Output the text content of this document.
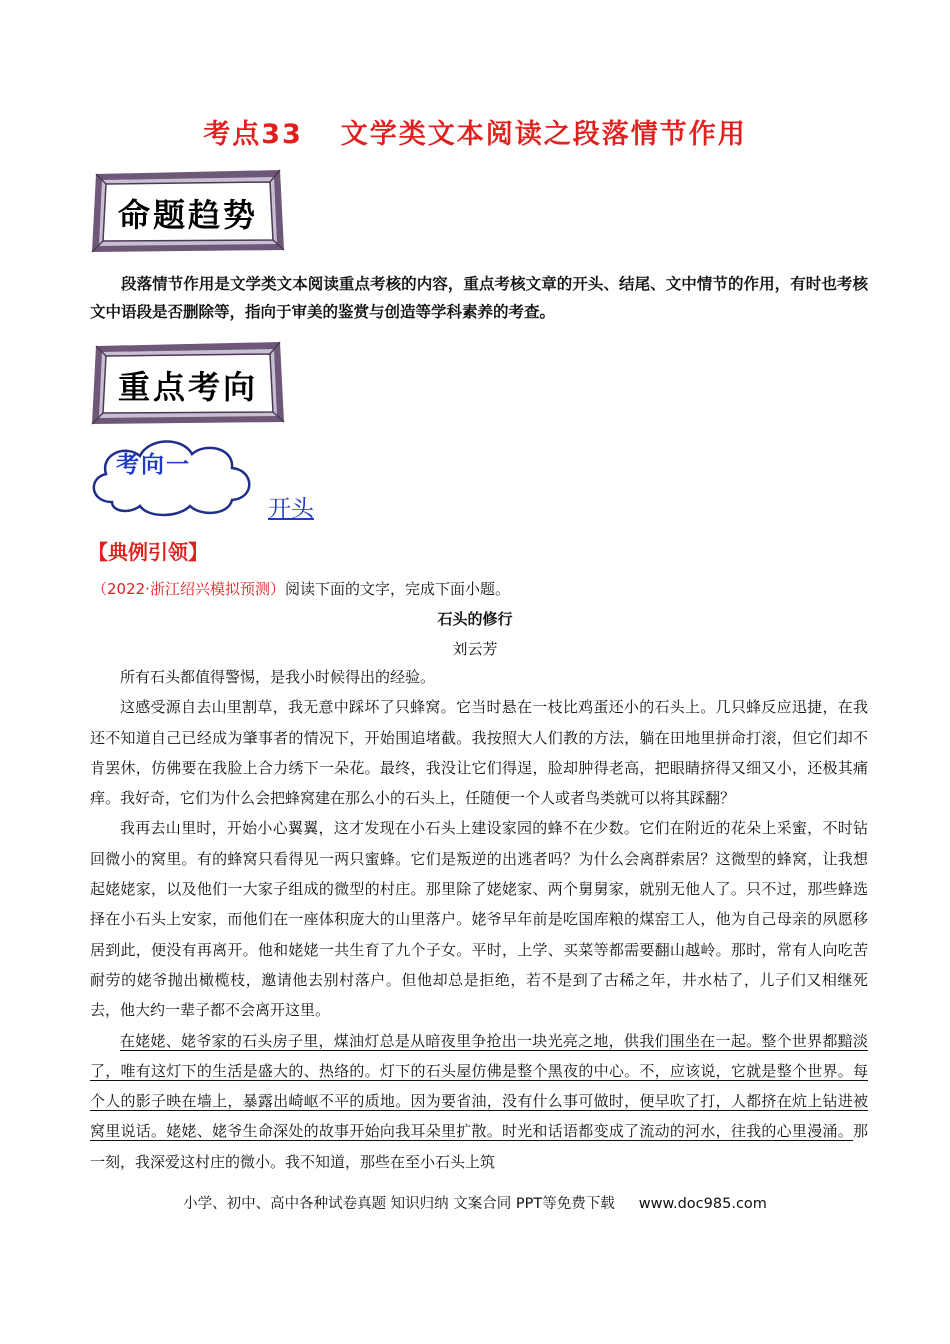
考点33 文学类文本阅读之段落情节作用
命题趋势
段落情节作用是文学类文本阅读重点考核的内容，重点考核文章的开头、结尾、文中情节的作用，有时也考核文中语段是否删除等，指向于审美的鉴赏与创造等学科素养的考查。
重点考向
考向一
开头
【典例引领】
（2022·浙江绍兴模拟预测）阅读下面的文字，完成下面小题。
石头的修行
刘云芳

所有石头都值得警惕，是我小时候得出的经验。

这感受源自去山里割草，我无意中踩坏了只蜂窝。它当时悬在一枝比鸡蛋还小的石头上。几只蜂反应迅捷，在我还不知道自己已经成为肇事者的情况下，开始围追堵截。我按照大人们教的方法，躺在田地里拼命打滚，但它们却不肯罢休，仿佛要在我脸上合力绣下一朵花。最终，我没让它们得逞，脸却肿得老高，把眼睛挤得又细又小，还极其痛痒。我好奇，它们为什么会把蜂窝建在那么小的石头上，任随便一个人或者鸟类就可以将其踩翻？

我再去山里时，开始小心翼翼，这才发现在小石头上建设家园的蜂不在少数。它们在附近的花朵上采蜜，不时钻回微小的窝里。有的蜂窝只看得见一两只蜜蜂。它们是叛逆的出逃者吗？为什么会离群索居？这微型的蜂窝，让我想起姥姥家，以及他们一大家子组成的微型的村庄。那里除了姥姥家、两个舅舅家，就别无他人了。只不过，那些蜂选择在小石头上安家，而他们在一座体积庞大的山里落户。姥爷早年前是吃国库粮的煤窑工人，他为自己母亲的夙愿移居到此，便没有再离开。他和姥姥一共生育了九个子女。平时，上学、买菜等都需要翻山越岭。那时，常有人向吃苦耐劳的姥爷抛出橄榄枝，邀请他去别村落户。但他却总是拒绝，若不是到了古稀之年，井水枯了，儿子们又相继死去，他大约一辈子都不会离开这里。

在姥姥、姥爷家的石头房子里，煤油灯总是从暗夜里争抢出一块光亮之地，供我们围坐在一起。整个世界都黯淡了，唯有这灯下的生活是盛大的、热络的。灯下的石头屋仿佛是整个黑夜的中心。不，应该说，它就是整个世界。每个人的影子映在墙上，暴露出崎岖不平的质地。因为要省油，没有什么事可做时，便早吹了打，人都挤在炕上钻进被窝里说话。姥姥、姥爷生命深处的故事开始向我耳朵里扩散。时光和话语都变成了流动的河水，往我的心里漫涌。那一刻，我深爱这村庄的微小。我不知道，那些在至小石头上筑

小学、初中、高中各种试卷真题 知识归纳 文案合同 PPT等免费下载 www.doc985.com
